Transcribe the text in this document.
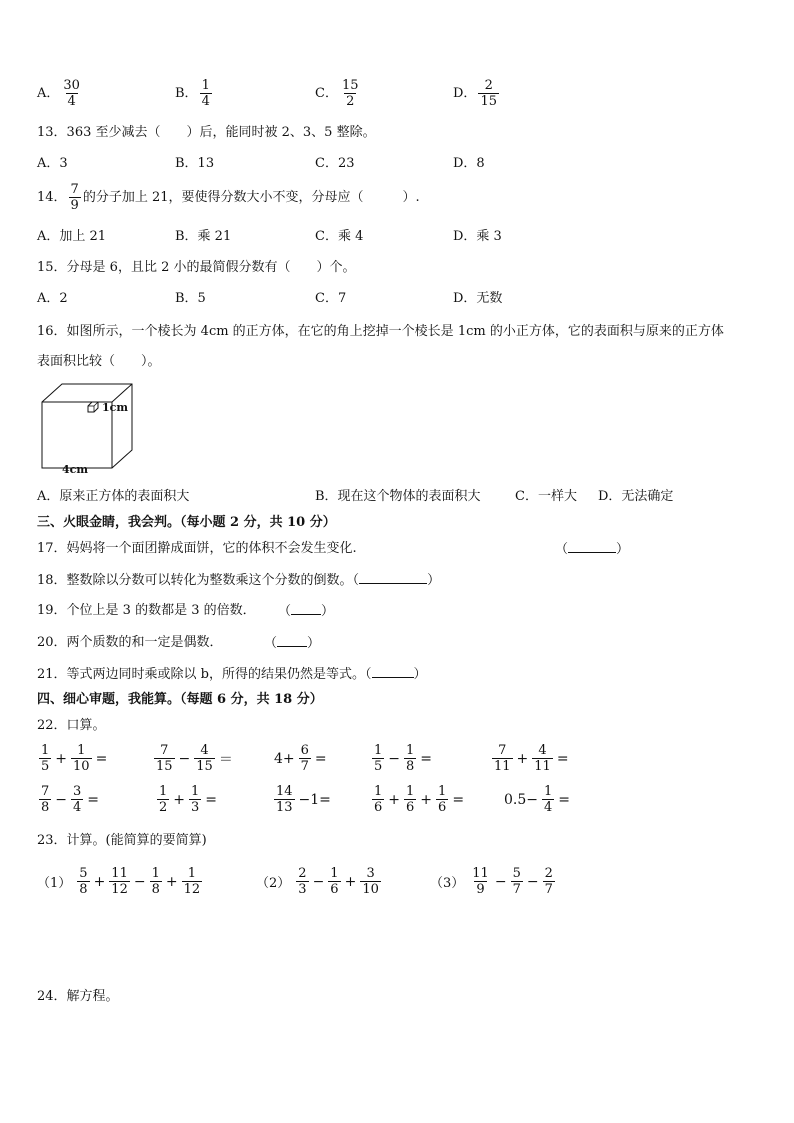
A． $\frac{30}{4}$	B． $\frac{1}{4}$	C． $\frac{15}{2}$	D． $\frac{2}{15}$
13．363 至少减去（　　）后，能同时被 2、3、5 整除。
A．3	B．13	C．23	D．8
14． $\frac{7}{9}$ 的分子加上 21，要使得分数大小不变，分母应（　　　）.
A．加上 21	B．乘 21	C．乘 4	D．乘 3
15．分母是 6，且比 2 小的最简假分数有（　　）个。
A．2	B．5	C．7	D．无数
16．如图所示，一个棱长为 4cm 的正方体，在它的角上挖掉一个棱长是 1cm 的小正方体，它的表面积与原来的正方体
表面积比较（　　）。
1cm
4cm
A．原来正方体的表面积大	B．现在这个物体的表面积大	C．一样大 D．无法确定
三、火眼金睛，我会判。（每小题 2 分，共 10 分）
17．妈妈将一个面团擀成面饼，它的体积不会发生变化.	（	）
18．整数除以分数可以转化为整数乘这个分数的倒数。（	）
19．个位上是 3 的数都是 3 的倍数． （ ）
20．两个质数的和一定是偶数．	（ ）
21．等式两边同时乘或除以 b，所得的结果仍然是等式。（	）
四、细心审题，我能算。（每题 6 分，共 18 分）
22．口算。
$\frac{1}{5} + \frac{1}{10}$ =	$\frac{7}{15} - \frac{4}{15}$ ＝	$4+ \frac{6}{7}$ =	$\frac{1}{5} - \frac{1}{8}$ =	$\frac{7}{11} + \frac{4}{11}$ =
$\frac{7}{8} - \frac{3}{4}$ =	$\frac{1}{2} + \frac{1}{3}$ =	$\frac{14}{13} -1=$	$\frac{1}{6} + \frac{1}{6} + \frac{1}{6}$ =	$0.5- \frac{1}{4}$ =
23．计算。(能简算的要简算)
$(1) \frac{5}{8} + \frac{11}{12} - \frac{1}{8} + \frac{1}{12}$	$(2) \frac{2}{3} - \frac{1}{6} + \frac{3}{10}$	$(3) \frac{11}{9} - \frac{5}{7} - \frac{2}{7}$
24．解方程。
